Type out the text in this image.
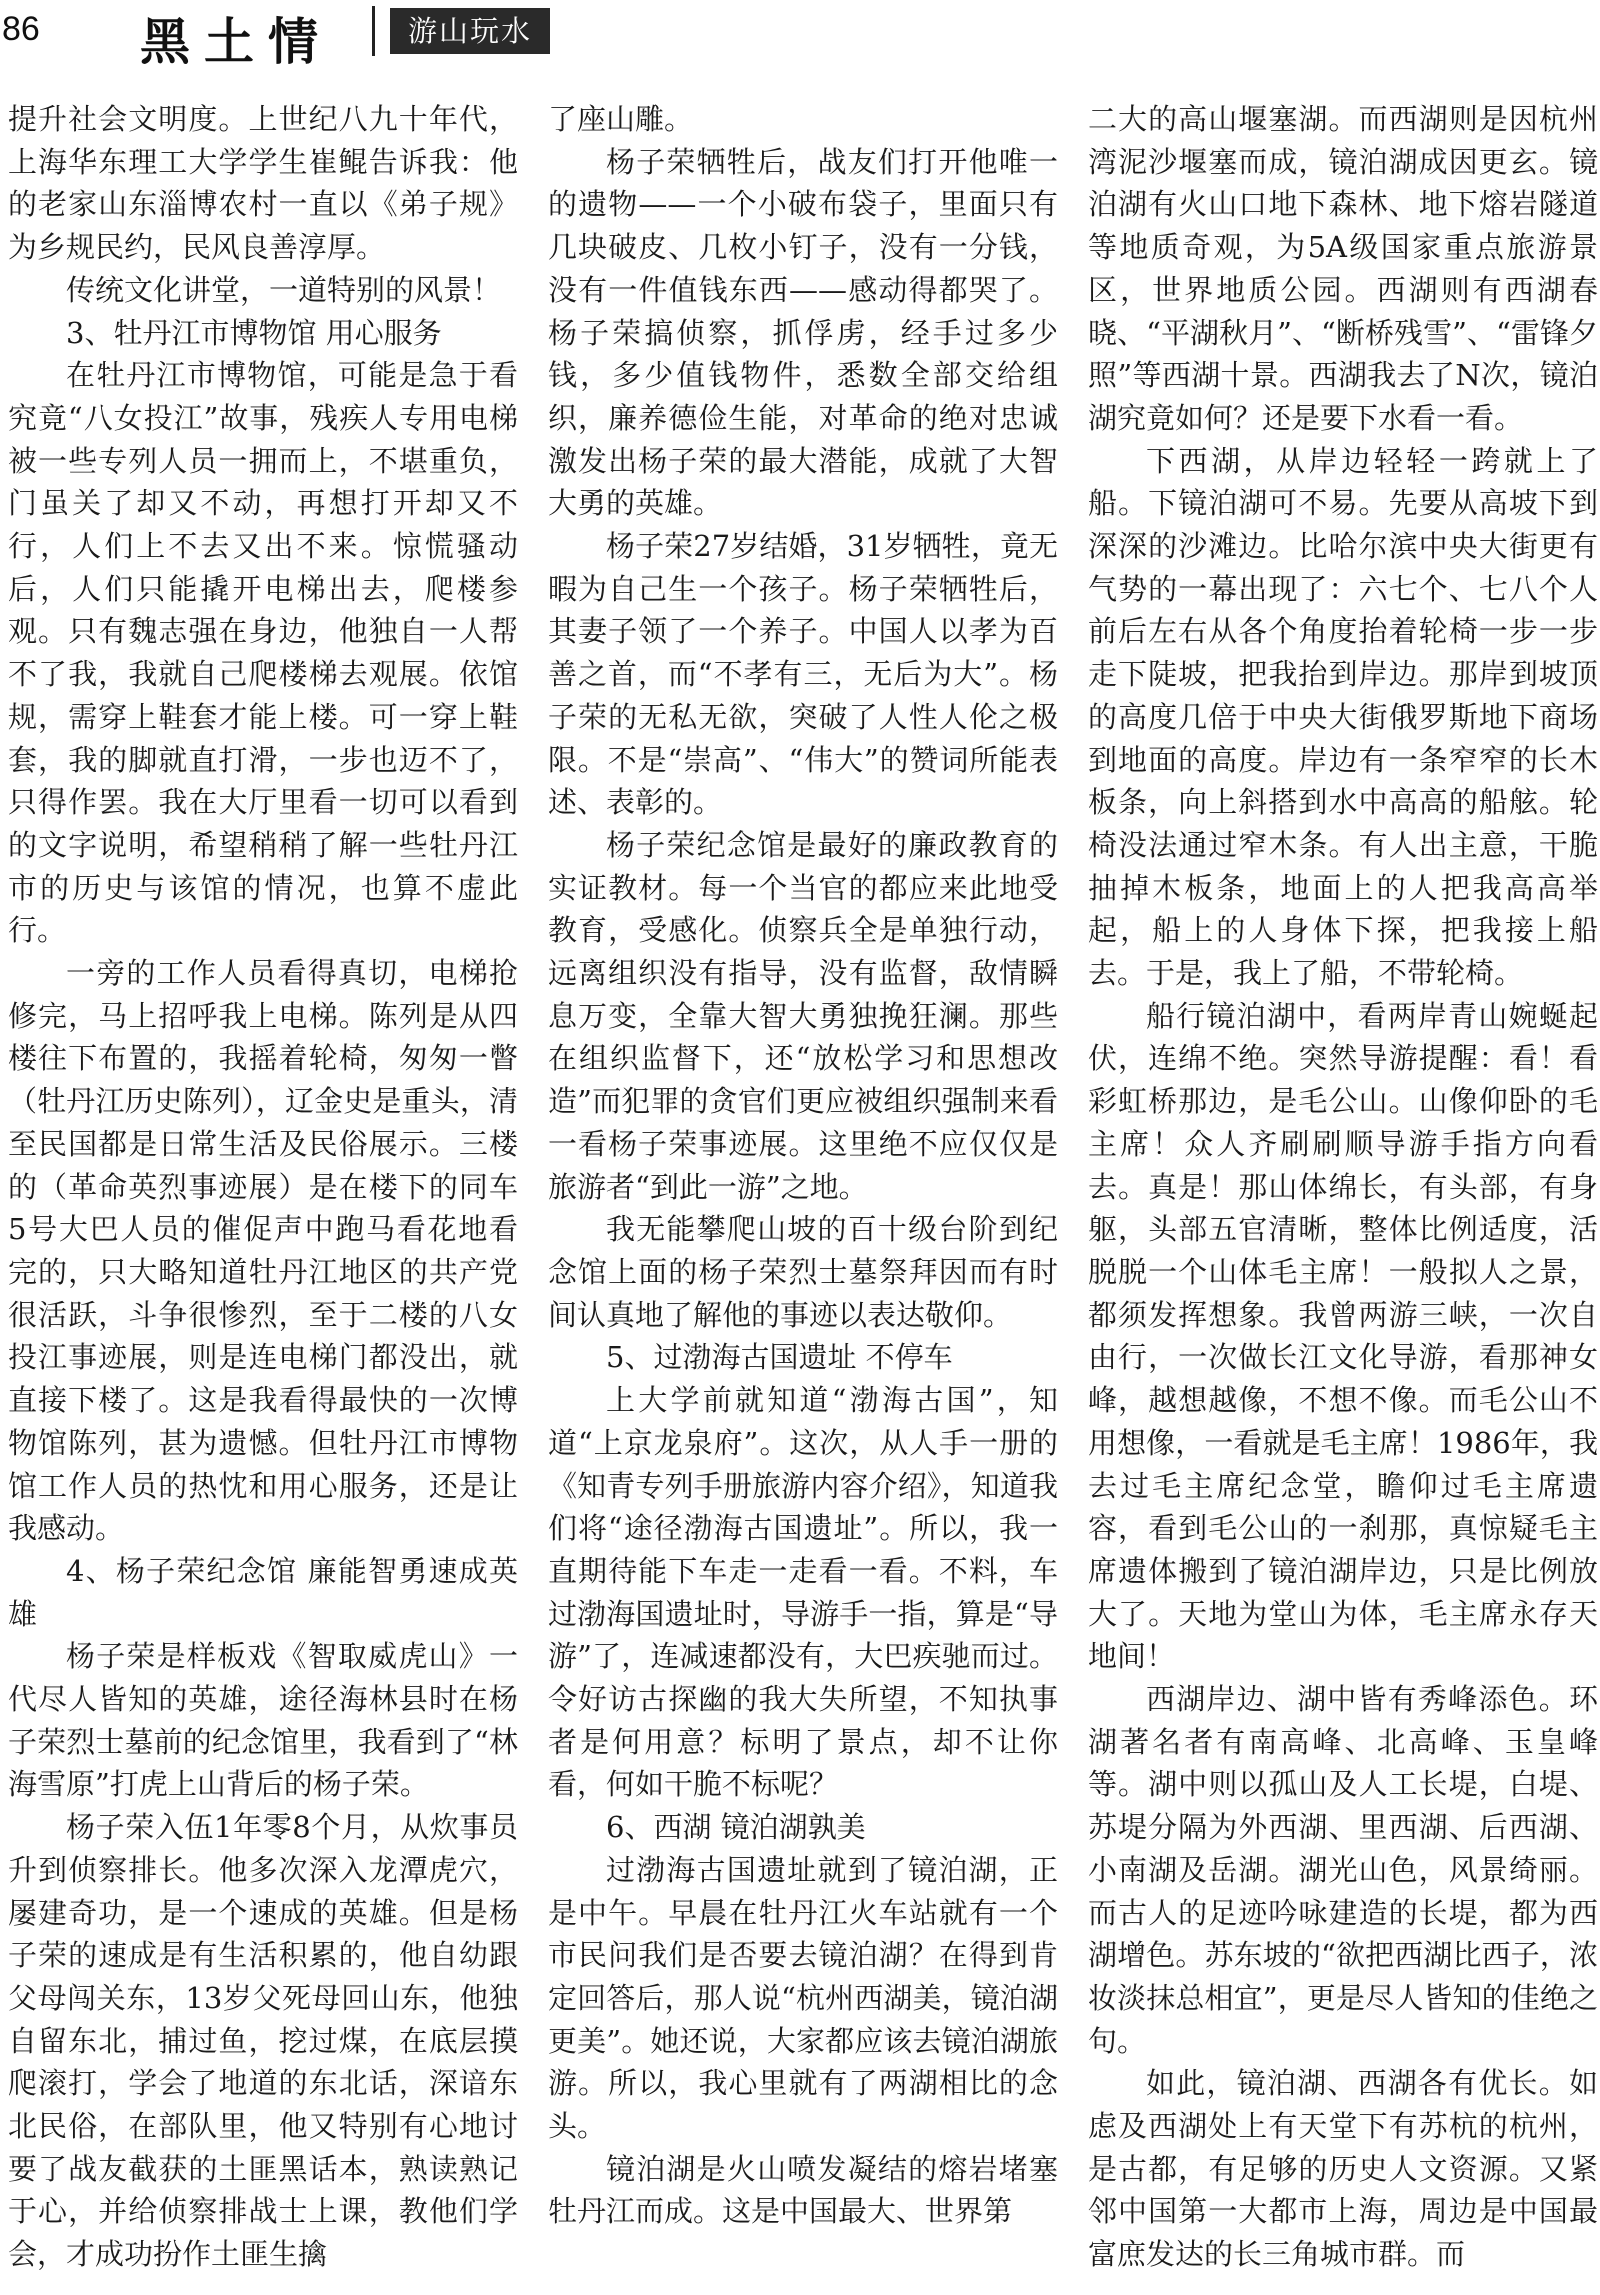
86 黑土情	游山玩水

提升社会文明度。上世纪八九十年代，上海华东理工大学学生崔鲲告诉我：他的老家山东淄博农村一直以《弟子规》为乡规民约，民风良善淳厚。

传统文化讲堂，一道特别的风景！

3、牡丹江市博物馆 用心服务

在牡丹江市博物馆，可能是急于看究竟“八女投江”故事，残疾人专用电梯被一些专列人员一拥而上，不堪重负，门虽关了却又不动，再想打开却又不行，人们上不去又出不来。惊慌骚动后，人们只能撬开电梯出去，爬楼参观。只有魏志强在身边，他独自一人帮不了我，我就自己爬楼梯去观展。依馆规，需穿上鞋套才能上楼。可一穿上鞋套，我的脚就直打滑，一步也迈不了，只得作罢。我在大厅里看一切可以看到的文字说明，希望稍稍了解一些牡丹江市的历史与该馆的情况，也算不虚此行。

一旁的工作人员看得真切，电梯抢修完，马上招呼我上电梯。陈列是从四楼往下布置的，我摇着轮椅，匆匆一瞥（牡丹江历史陈列），辽金史是重头，清至民国都是日常生活及民俗展示。三楼的（革命英烈事迹展）是在楼下的同车5号大巴人员的催促声中跑马看花地看完的，只大略知道牡丹江地区的共产党很活跃，斗争很惨烈，至于二楼的八女投江事迹展，则是连电梯门都没出，就直接下楼了。这是我看得最快的一次博物馆陈列，甚为遗憾。但牡丹江市博物馆工作人员的热忱和用心服务，还是让我感动。

4、杨子荣纪念馆 廉能智勇速成英雄

杨子荣是样板戏《智取威虎山》一代尽人皆知的英雄，途径海林县时在杨子荣烈士墓前的纪念馆里，我看到了“林海雪原”打虎上山背后的杨子荣。

杨子荣入伍1年零8个月，从炊事员升到侦察排长。他多次深入龙潭虎穴，屡建奇功，是一个速成的英雄。但是杨子荣的速成是有生活积累的，他自幼跟父母闯关东，13岁父死母回山东，他独自留东北，捕过鱼，挖过煤，在底层摸爬滚打，学会了地道的东北话，深谙东北民俗，在部队里，他又特别有心地讨要了战友截获的土匪黑话本，熟读熟记于心，并给侦察排战士上课，教他们学会，才成功扮作土匪生擒

了座山雕。

杨子荣牺牲后，战友们打开他唯一的遗物——一个小破布袋子，里面只有几块破皮、几枚小钉子，没有一分钱，没有一件值钱东西——感动得都哭了。杨子荣搞侦察，抓俘虏，经手过多少钱，多少值钱物件，悉数全部交给组织，廉养德俭生能，对革命的绝对忠诚激发出杨子荣的最大潜能，成就了大智大勇的英雄。

杨子荣27岁结婚，31岁牺牲，竟无暇为自己生一个孩子。杨子荣牺牲后，其妻子领了一个养子。中国人以孝为百善之首，而“不孝有三，无后为大”。杨子荣的无私无欲，突破了人性人伦之极限。不是“崇高”、“伟大”的赞词所能表述、表彰的。

杨子荣纪念馆是最好的廉政教育的实证教材。每一个当官的都应来此地受教育，受感化。侦察兵全是单独行动，远离组织没有指导，没有监督，敌情瞬息万变，全靠大智大勇独挽狂澜。那些在组织监督下，还“放松学习和思想改造”而犯罪的贪官们更应被组织强制来看一看杨子荣事迹展。这里绝不应仅仅是旅游者“到此一游”之地。

我无能攀爬山坡的百十级台阶到纪念馆上面的杨子荣烈士墓祭拜因而有时间认真地了解他的事迹以表达敬仰。

5、过渤海古国遗址 不停车

上大学前就知道“渤海古国”，知道“上京龙泉府”。这次，从人手一册的《知青专列手册旅游内容介绍》，知道我们将“途径渤海古国遗址”。所以，我一直期待能下车走一走看一看。不料，车过渤海国遗址时，导游手一指，算是“导游”了，连减速都没有，大巴疾驰而过。令好访古探幽的我大失所望，不知执事者是何用意？标明了景点，却不让你看，何如干脆不标呢？

6、西湖 镜泊湖孰美

过渤海古国遗址就到了镜泊湖，正是中午。早晨在牡丹江火车站就有一个市民问我们是否要去镜泊湖？在得到肯定回答后，那人说“杭州西湖美，镜泊湖更美”。她还说，大家都应该去镜泊湖旅游。所以，我心里就有了两湖相比的念头。

镜泊湖是火山喷发凝结的熔岩堵塞牡丹江而成。这是中国最大、世界第

二大的高山堰塞湖。而西湖则是因杭州湾泥沙堰塞而成，镜泊湖成因更玄。镜泊湖有火山口地下森林、地下熔岩隧道等地质奇观，为5A级国家重点旅游景区，世界地质公园。西湖则有西湖春晓、“平湖秋月”、“断桥残雪”、“雷锋夕照”等西湖十景。西湖我去了N次，镜泊湖究竟如何？还是要下水看一看。

下西湖，从岸边轻轻一跨就上了船。下镜泊湖可不易。先要从高坡下到深深的沙滩边。比哈尔滨中央大街更有气势的一幕出现了：六七个、七八个人前后左右从各个角度抬着轮椅一步一步走下陡坡，把我抬到岸边。那岸到坡顶的高度几倍于中央大街俄罗斯地下商场到地面的高度。岸边有一条窄窄的长木板条，向上斜搭到水中高高的船舷。轮椅没法通过窄木条。有人出主意，干脆抽掉木板条，地面上的人把我高高举起，船上的人身体下探，把我接上船去。于是，我上了船，不带轮椅。

船行镜泊湖中，看两岸青山婉蜒起伏，连绵不绝。突然导游提醒：看！看彩虹桥那边，是毛公山。山像仰卧的毛主席！众人齐刷刷顺导游手指方向看去。真是！那山体绵长，有头部，有身躯，头部五官清晰，整体比例适度，活脱脱一个山体毛主席！一般拟人之景，都须发挥想象。我曾两游三峡，一次自由行，一次做长江文化导游，看那神女峰，越想越像，不想不像。而毛公山不用想像，一看就是毛主席！1986年，我去过毛主席纪念堂，瞻仰过毛主席遗容，看到毛公山的一刹那，真惊疑毛主席遗体搬到了镜泊湖岸边，只是比例放大了。天地为堂山为体，毛主席永存天地间！

西湖岸边、湖中皆有秀峰添色。环湖著名者有南高峰、北高峰、玉皇峰等。湖中则以孤山及人工长堤，白堤、苏堤分隔为外西湖、里西湖、后西湖、小南湖及岳湖。湖光山色，风景绮丽。而古人的足迹吟咏建造的长堤，都为西湖增色。苏东坡的“欲把西湖比西子，浓妆淡抹总相宜”，更是尽人皆知的佳绝之句。

如此，镜泊湖、西湖各有优长。如虑及西湖处上有天堂下有苏杭的杭州，是古都，有足够的历史人文资源。又紧邻中国第一大都市上海，周边是中国最富庶发达的长三角城市群。而
